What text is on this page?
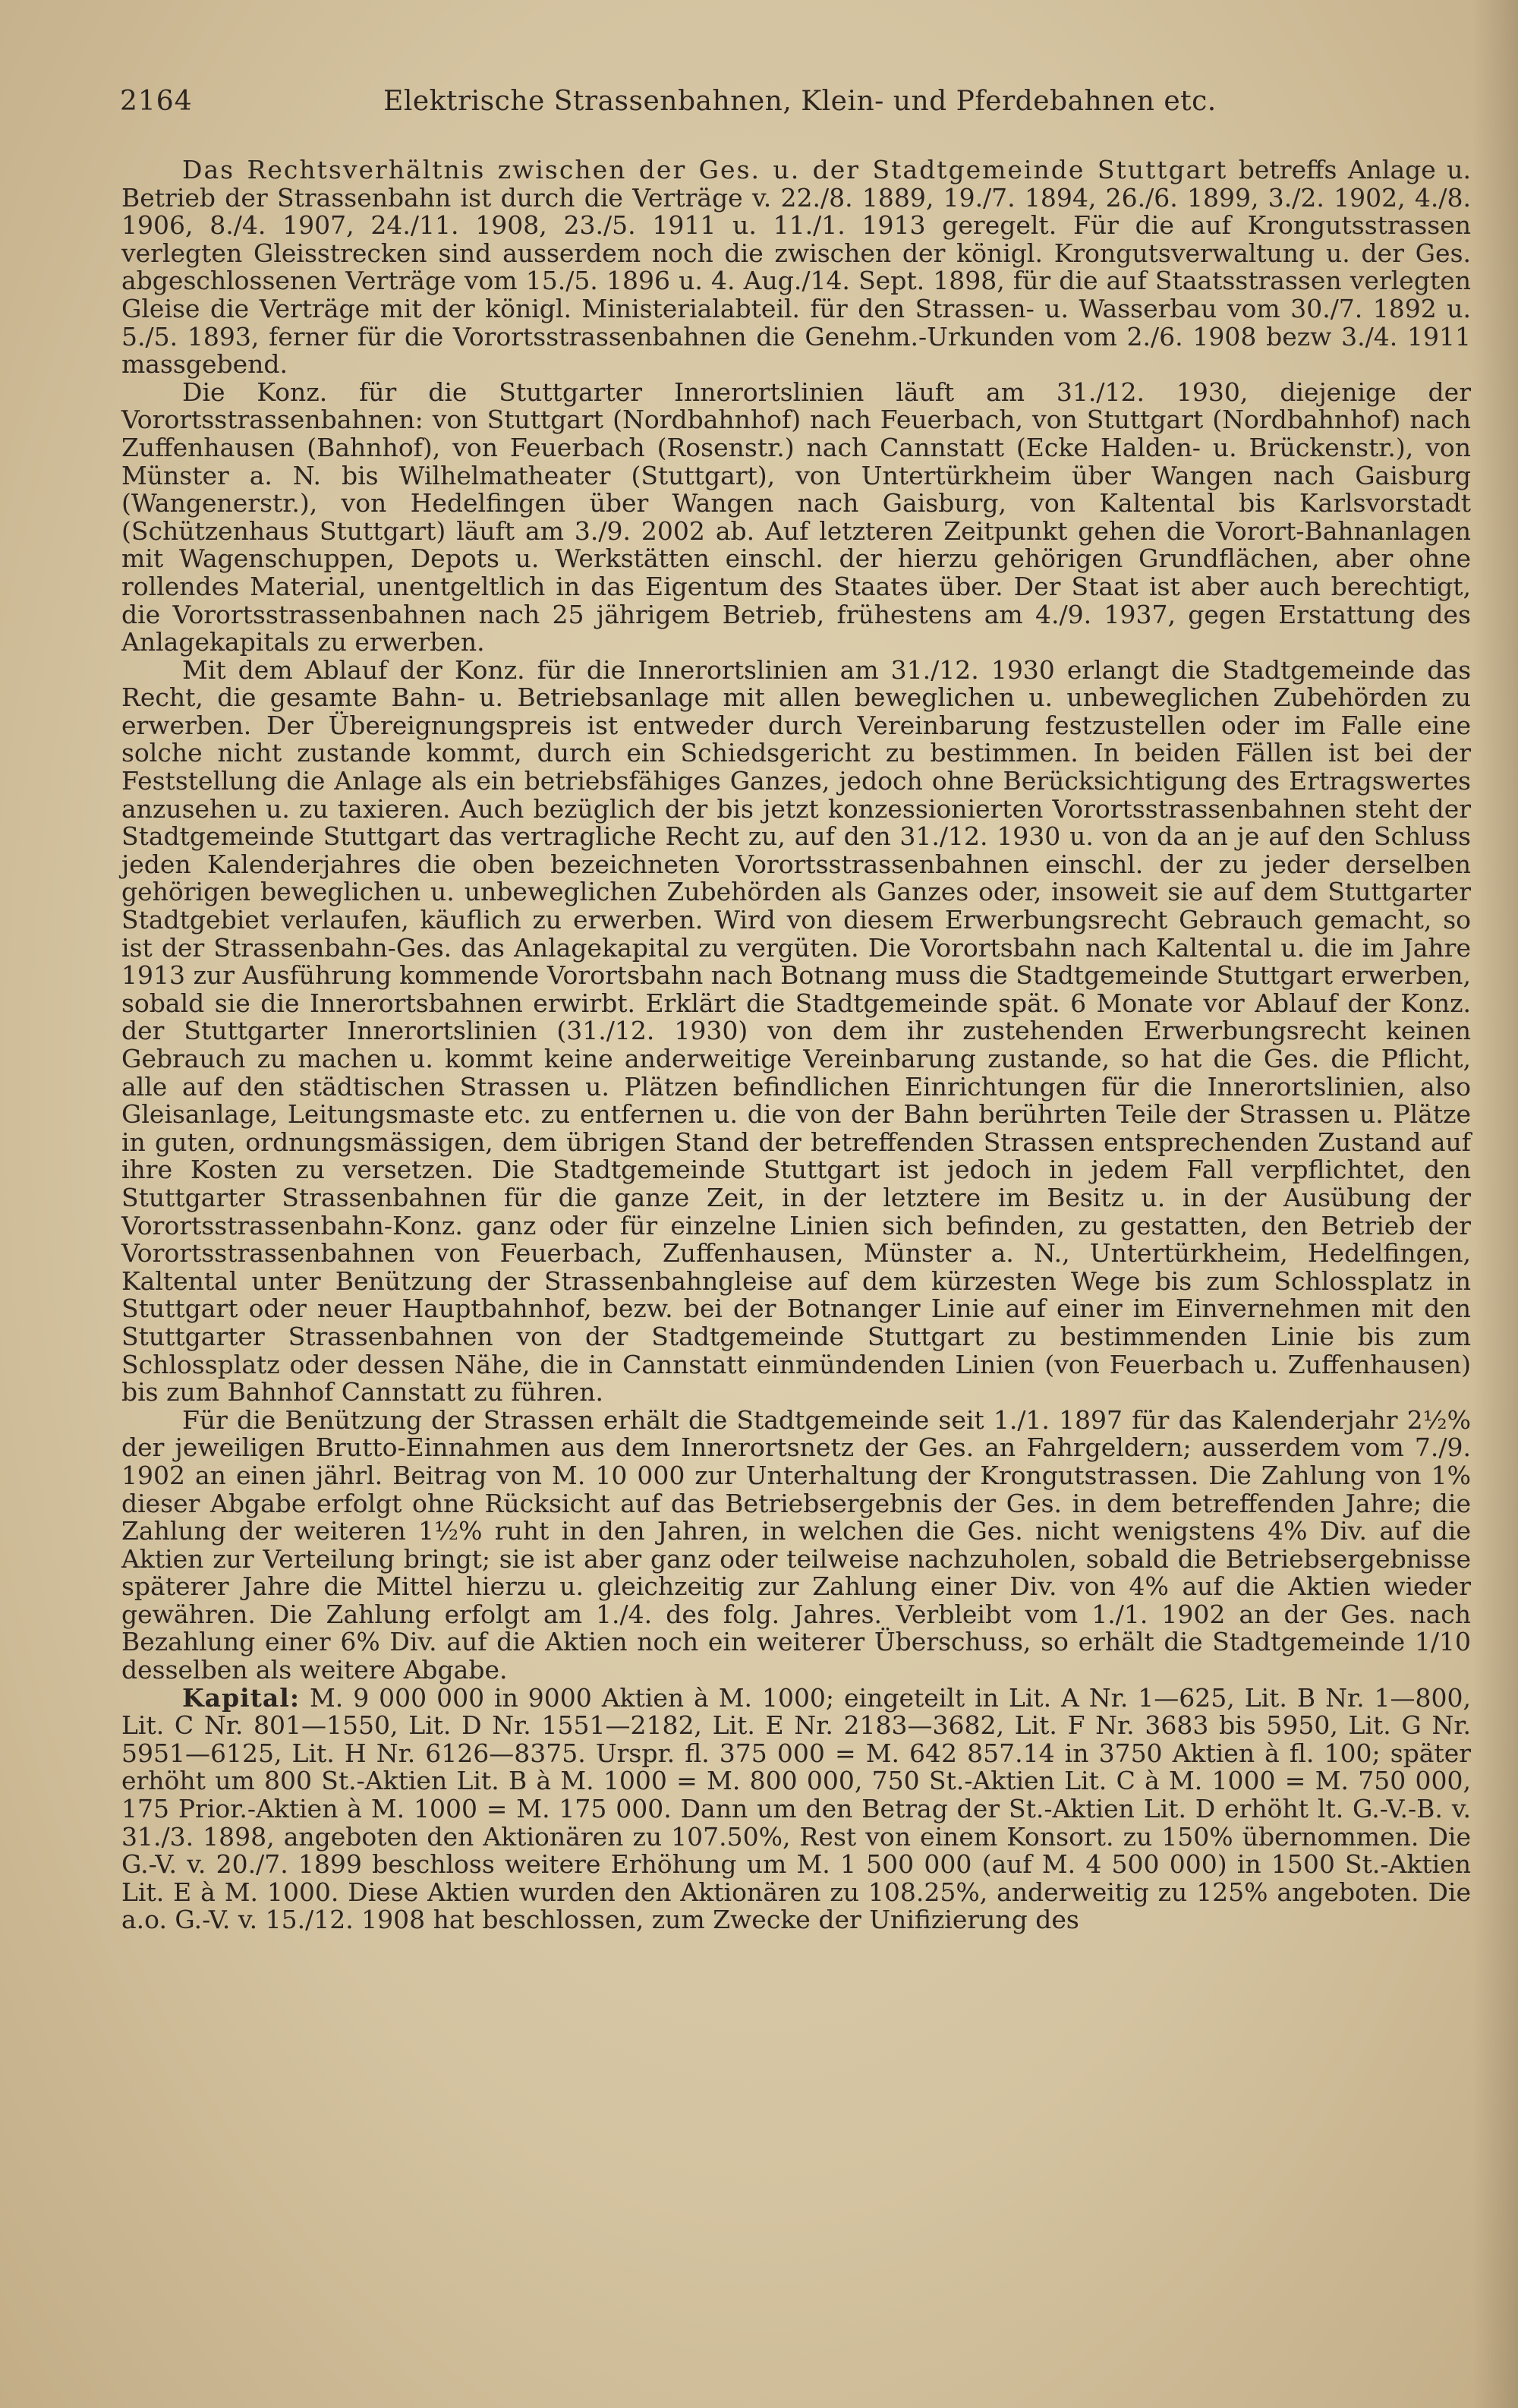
2164	Elektrische Strassenbahnen, Klein- und Pferdebahnen etc.

Das Rechtsverhältnis zwischen der Ges. u. der Stadtgemeinde Stuttgart betreffs Anlage u. Betrieb der Strassenbahn ist durch die Verträge v. 22./8. 1889, 19./7. 1894, 26./6. 1899, 3./2. 1902, 4./8. 1906, 8./4. 1907, 24./11. 1908, 23./5. 1911 u. 11./1. 1913 geregelt. Für die auf Krongutsstrassen verlegten Gleisstrecken sind ausserdem noch die zwischen der königl. Krongutsverwaltung u. der Ges. abgeschlossenen Verträge vom 15./5. 1896 u. 4. Aug./14. Sept. 1898, für die auf Staatsstrassen verlegten Gleise die Verträge mit der königl. Ministerialabteil. für den Strassen- u. Wasserbau vom 30./7. 1892 u. 5./5. 1893, ferner für die Vorortsstrassenbahnen die Genehm.-Urkunden vom 2./6. 1908 bezw 3./4. 1911 massgebend.

Die Konz. für die Stuttgarter Innerortslinien läuft am 31./12. 1930, diejenige der Vorortsstrassenbahnen: von Stuttgart (Nordbahnhof) nach Feuerbach, von Stuttgart (Nordbahnhof) nach Zuffenhausen (Bahnhof), von Feuerbach (Rosenstr.) nach Cannstatt (Ecke Halden- u. Brückenstr.), von Münster a. N. bis Wilhelmatheater (Stuttgart), von Untertürkheim über Wangen nach Gaisburg (Wangenerstr.), von Hedelfingen über Wangen nach Gaisburg, von Kaltental bis Karlsvorstadt (Schützenhaus Stuttgart) läuft am 3./9. 2002 ab. Auf letzteren Zeitpunkt gehen die Vorort-Bahnanlagen mit Wagenschuppen, Depots u. Werkstätten einschl. der hierzu gehörigen Grundflächen, aber ohne rollendes Material, unentgeltlich in das Eigentum des Staates über. Der Staat ist aber auch berechtigt, die Vorortsstrassenbahnen nach 25 jährigem Betrieb, frühestens am 4./9. 1937, gegen Erstattung des Anlagekapitals zu erwerben.

Mit dem Ablauf der Konz. für die Innerortslinien am 31./12. 1930 erlangt die Stadtgemeinde das Recht, die gesamte Bahn- u. Betriebsanlage mit allen beweglichen u. unbeweglichen Zubehörden zu erwerben. Der Übereignungspreis ist entweder durch Vereinbarung festzustellen oder im Falle eine solche nicht zustande kommt, durch ein Schiedsgericht zu bestimmen. In beiden Fällen ist bei der Feststellung die Anlage als ein betriebsfähiges Ganzes, jedoch ohne Berücksichtigung des Ertragswertes anzusehen u. zu taxieren. Auch bezüglich der bis jetzt konzessionierten Vorortsstrassenbahnen steht der Stadtgemeinde Stuttgart das vertragliche Recht zu, auf den 31./12. 1930 u. von da an je auf den Schluss jeden Kalenderjahres die oben bezeichneten Vorortsstrassenbahnen einschl. der zu jeder derselben gehörigen beweglichen u. unbeweglichen Zubehörden als Ganzes oder, insoweit sie auf dem Stuttgarter Stadtgebiet verlaufen, käuflich zu erwerben. Wird von diesem Erwerbungsrecht Gebrauch gemacht, so ist der Strassenbahn-Ges. das Anlagekapital zu vergüten. Die Vorortsbahn nach Kaltental u. die im Jahre 1913 zur Ausführung kommende Vorortsbahn nach Botnang muss die Stadtgemeinde Stuttgart erwerben, sobald sie die Innerortsbahnen erwirbt. Erklärt die Stadtgemeinde spät. 6 Monate vor Ablauf der Konz. der Stuttgarter Innerortslinien (31./12. 1930) von dem ihr zustehenden Erwerbungsrecht keinen Gebrauch zu machen u. kommt keine anderweitige Vereinbarung zustande, so hat die Ges. die Pflicht, alle auf den städtischen Strassen u. Plätzen befindlichen Einrichtungen für die Innerortslinien, also Gleisanlage, Leitungsmaste etc. zu entfernen u. die von der Bahn berührten Teile der Strassen u. Plätze in guten, ordnungsmässigen, dem übrigen Stand der betreffenden Strassen entsprechenden Zustand auf ihre Kosten zu versetzen. Die Stadtgemeinde Stuttgart ist jedoch in jedem Fall verpflichtet, den Stuttgarter Strassenbahnen für die ganze Zeit, in der letztere im Besitz u. in der Ausübung der Vorortsstrassenbahn-Konz. ganz oder für einzelne Linien sich befinden, zu gestatten, den Betrieb der Vorortsstrassenbahnen von Feuerbach, Zuffenhausen, Münster a. N., Untertürkheim, Hedelfingen, Kaltental unter Benützung der Strassenbahngleise auf dem kürzesten Wege bis zum Schlossplatz in Stuttgart oder neuer Hauptbahnhof, bezw. bei der Botnanger Linie auf einer im Einvernehmen mit den Stuttgarter Strassenbahnen von der Stadtgemeinde Stuttgart zu bestimmenden Linie bis zum Schlossplatz oder dessen Nähe, die in Cannstatt einmündenden Linien (von Feuerbach u. Zuffenhausen) bis zum Bahnhof Cannstatt zu führen.

Für die Benützung der Strassen erhält die Stadtgemeinde seit 1./1. 1897 für das Kalenderjahr 2½% der jeweiligen Brutto-Einnahmen aus dem Innerortsnetz der Ges. an Fahrgeldern; ausserdem vom 7./9. 1902 an einen jährl. Beitrag von M. 10 000 zur Unterhaltung der Krongutstrassen. Die Zahlung von 1% dieser Abgabe erfolgt ohne Rücksicht auf das Betriebsergebnis der Ges. in dem betreffenden Jahre; die Zahlung der weiteren 1½% ruht in den Jahren, in welchen die Ges. nicht wenigstens 4% Div. auf die Aktien zur Verteilung bringt; sie ist aber ganz oder teilweise nachzuholen, sobald die Betriebsergebnisse späterer Jahre die Mittel hierzu u. gleichzeitig zur Zahlung einer Div. von 4% auf die Aktien wieder gewähren. Die Zahlung erfolgt am 1./4. des folg. Jahres. Verbleibt vom 1./1. 1902 an der Ges. nach Bezahlung einer 6% Div. auf die Aktien noch ein weiterer Überschuss, so erhält die Stadtgemeinde 1/10 desselben als weitere Abgabe.

Kapital: M. 9 000 000 in 9000 Aktien à M. 1000; eingeteilt in Lit. A Nr. 1—625, Lit. B Nr. 1—800, Lit. C Nr. 801—1550, Lit. D Nr. 1551—2182, Lit. E Nr. 2183—3682, Lit. F Nr. 3683 bis 5950, Lit. G Nr. 5951—6125, Lit. H Nr. 6126—8375. Urspr. fl. 375 000 = M. 642 857.14 in 3750 Aktien à fl. 100; später erhöht um 800 St.-Aktien Lit. B à M. 1000 = M. 800 000, 750 St.-Aktien Lit. C à M. 1000 = M. 750 000, 175 Prior.-Aktien à M. 1000 = M. 175 000. Dann um den Betrag der St.-Aktien Lit. D erhöht lt. G.-V.-B. v. 31./3. 1898, angeboten den Aktionären zu 107.50%, Rest von einem Konsort. zu 150% übernommen. Die G.-V. v. 20./7. 1899 beschloss weitere Erhöhung um M. 1 500 000 (auf M. 4 500 000) in 1500 St.-Aktien Lit. E à M. 1000. Diese Aktien wurden den Aktionären zu 108.25%, anderweitig zu 125% angeboten. Die a.o. G.-V. v. 15./12. 1908 hat beschlossen, zum Zwecke der Unifizierung des
